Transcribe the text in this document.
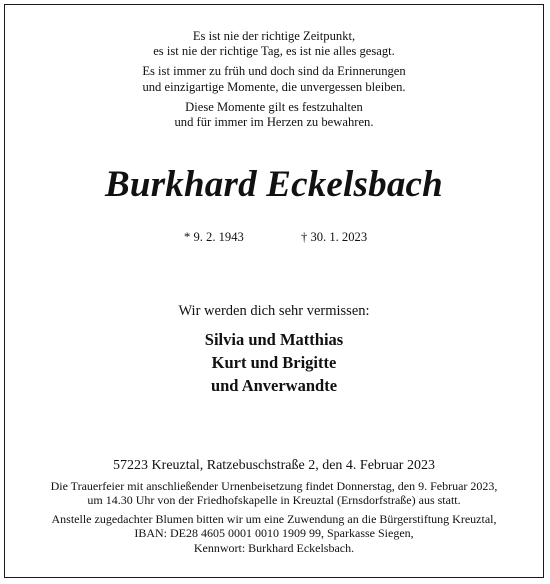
Es ist nie der richtige Zeitpunkt,
es ist nie der richtige Tag, es ist nie alles gesagt.
Es ist immer zu früh und doch sind da Erinnerungen
und einzigartige Momente, die unvergessen bleiben.
Diese Momente gilt es festzuhalten
und für immer im Herzen zu bewahren.
Burkhard Eckelsbach
* 9. 2. 1943	† 30. 1. 2023
Wir werden dich sehr vermissen:
Silvia und Matthias
Kurt und Brigitte
und Anverwandte
57223 Kreuztal, Ratzebuschstraße 2, den 4. Februar 2023
Die Trauerfeier mit anschließender Urnenbeisetzung findet Donnerstag, den 9. Februar 2023,
um 14.30 Uhr von der Friedhofskapelle in Kreuztal (Ernsdorfstraße) aus statt.
Anstelle zugedachter Blumen bitten wir um eine Zuwendung an die Bürgerstiftung Kreuztal,
IBAN: DE28 4605 0001 0010 1909 99, Sparkasse Siegen,
Kennwort: Burkhard Eckelsbach.
